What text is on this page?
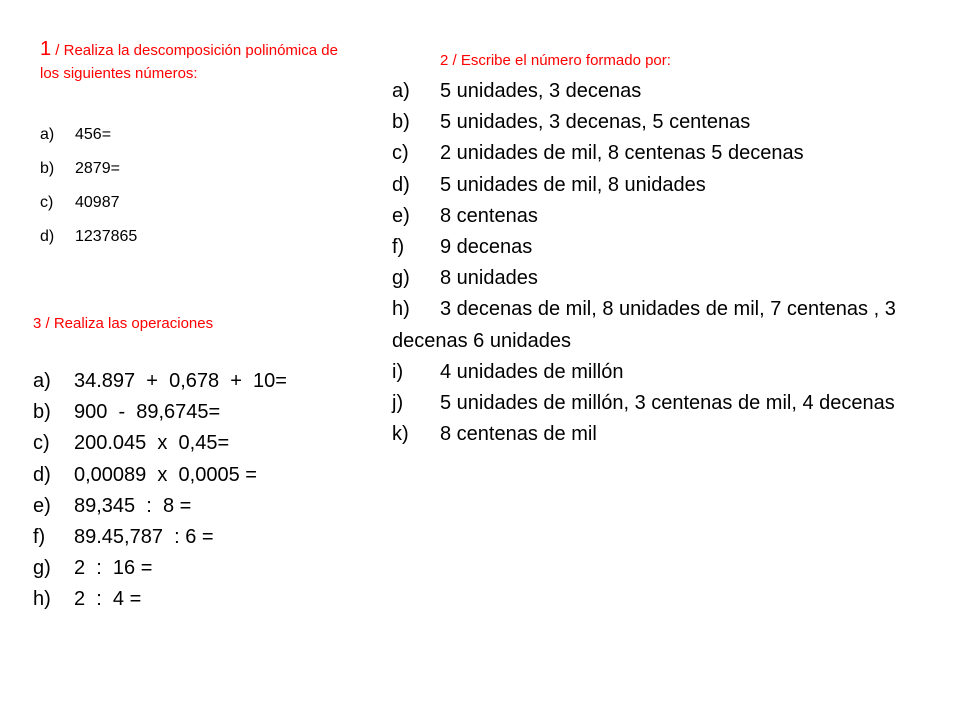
1 / Realiza la descomposición polinómica de los siguientes números:
a)	456=
b)	2879=
c)	40987
d)	1237865
2 / Escribe el número formado por:
a)	5 unidades, 3 decenas
b)	5 unidades, 3 decenas, 5 centenas
c)	2 unidades de mil, 8 centenas 5 decenas
d)	5 unidades de mil, 8 unidades
e)	8 centenas
f)	9 decenas
g)	8 unidades
h) 3 decenas de mil, 8 unidades de mil, 7 centenas , 3 decenas 6 unidades
i)	4 unidades de millón
j) 5 unidades de millón, 3 centenas de mil, 4 decenas
k)	8 centenas de mil
3 / Realiza las operaciones
a)	34.897  +  0,678  +  10=
b)	900  -  89,6745=
c)	200.045  x  0,45=
d)	0,00089  x  0,0005 =
e)	89,345  :  8 =
f)	89.45,787  : 6 =
g)	2  :  16 =
h)	2  :  4 =
